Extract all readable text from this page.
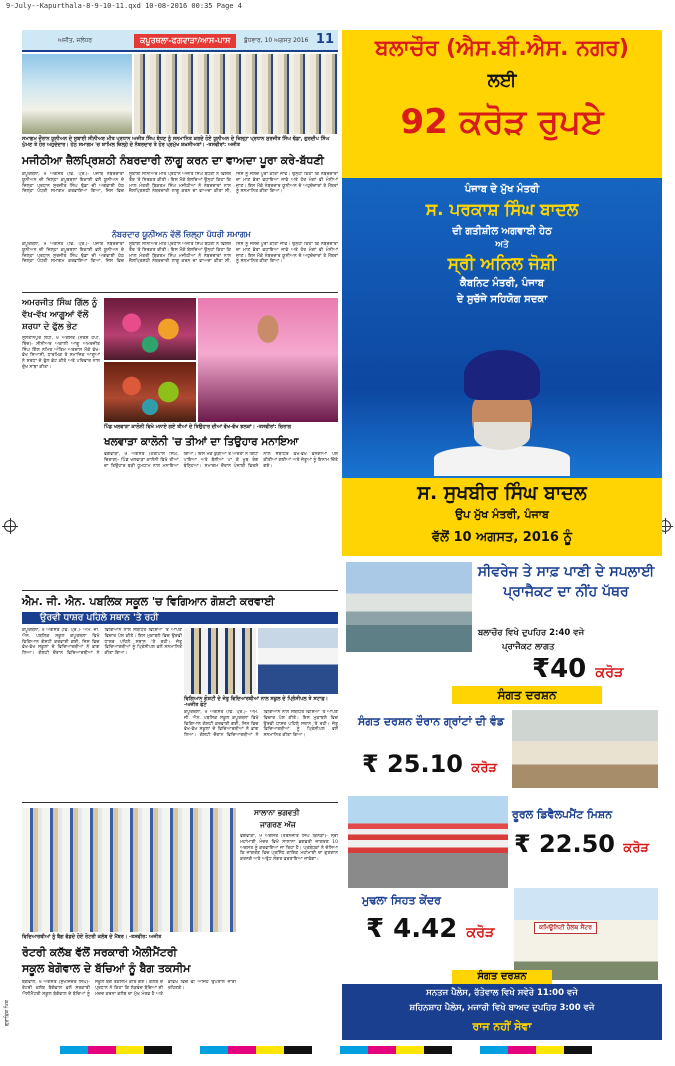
9-July--Kapurthala-8-9-10-11.qxd 10-08-2016 00:35 Page 4
ਗ੍ਰਾਫ਼ਿਕ ਪਿਕ
ਅਜੀਤ, ਜਲੰਧਰ	ਕਪੂਰਥਲਾ-ਫਗਵਾੜਾ/ਆਸ-ਪਾਸ	ਬੁੱਧਵਾਰ, 10 ਅਗਸਤ 2016 11
ਸਮਾਗਮ ਦੌਰਾਨ ਯੂਨੀਅਨ ਦੇ ਸੂਬਾਈ ਸੀਨੀਅਰ ਮੀਤ ਪ੍ਰਧਾਨ ਅਜੀਤ ਸਿੰਘ ਬੱਧਣ ਨੂੰ ਸਨਮਾਨਿਤ ਕਰਦੇ ਹੋਏ ਯੂਨੀਅਨ ਦੇ ਜ਼ਿਲ੍ਹਾ ਪ੍ਰਧਾਨ ਸੁਰਜੀਤ ਸਿੰਘ ਢੱਡਾ, ਗੁਰਦੀਪ ਸਿੰਘ ਘੁੰਮਣ ਤੇ ਹੋਰ ਅਹੁਦੇਦਾਰ। ਹੇਠ ਸਮਾਗਮ 'ਚ ਸ਼ਾਮਿਲ ਜ਼ਿਲ੍ਹੇ ਦੇ ਨੰਬਰਦਾਰ ਤੇ ਹੋਰ ਪ੍ਰਮੁੱਖ ਸ਼ਖ਼ਸੀਅਤਾਂ। -ਤਸਵੀਰਾਂ: ਅਜੀਤ
ਮਜੀਠੀਆ ਜ਼ੈਲਪ੍ਰਿਸ਼ਠੀ ਨੰਬਰਦਾਰੀ ਲਾਗੂ ਕਰਨ ਦਾ ਵਾਅਦਾ ਪੂਰਾ ਕਰੇ-ਬੱਧਣੀ
ਕਪੂਰਥਲਾ, 9 ਅਗਸਤ (ਵਿ. ਪ੍ਰ.)- ਪੰਜਾਬ ਨੰਬਰਦਾਰਾ ਯੂਨੀਅਨ ਦੀ ਜ਼ਿਲ੍ਹਾ ਕਪੂਰਥਲਾ ਇਕਾਈ ਵਲੋਂ ਯੂਨੀਅਨ ਦੇ ਜ਼ਿਲ੍ਹਾ ਪ੍ਰਧਾਨ ਸੁਰਜੀਤ ਸਿੰਘ ਢੱਡਾ ਦੀ ਅਗਵਾਈ ਹੇਠ ਜ਼ਿਲ੍ਹਾ ਪੱਧਰੀ ਸਮਾਗਮ ਕਰਵਾਇਆ ਗਿਆ, ਜਿਸ ਵਿਚ ਸੂਬਾਈ ਸੀਨੀਅਰ ਮੀਤ ਪ੍ਰਧਾਨ ਅਜੀਤ ਸਿੰਘ ਬੱਧਣੀ ਨੇ ਵਿਸ਼ੇਸ਼ ਤੌਰ 'ਤੇ ਸ਼ਿਰਕਤ ਕੀਤੀ। ਇਸ ਮੌਕੇ ਬੋਲਦਿਆਂ ਉਨ੍ਹਾਂ ਕਿਹਾ ਕਿ ਮਾਲ ਮੰਤਰੀ ਬਿਕਰਮ ਸਿੰਘ ਮਜੀਠੀਆ ਨੇ ਨੰਬਰਦਾਰਾਂ ਨਾਲ ਜ਼ੈਲਪ੍ਰਿਸ਼ਠੀ ਨੰਬਰਦਾਰੀ ਲਾਗੂ ਕਰਨ ਦਾ ਵਾਅਦਾ ਕੀਤਾ ਸੀ, ਜਿਸ ਨੂੰ ਜਲਦ ਪੂਰਾ ਕੀਤਾ ਜਾਵੇ। ਉਨ੍ਹਾਂ ਕਿਹਾ ਕਿ ਨੰਬਰਦਾਰਾਂ ਦਾ ਮਾਣ ਭੱਤਾ ਵਧਾਇਆ ਜਾਵੇ ਅਤੇ ਹੋਰ ਮੰਗਾਂ ਵੀ ਮੰਨੀਆਂ ਜਾਣ। ਇਸ ਮੌਕੇ ਨੰਬਰਦਾਰ ਯੂਨੀਅਨ ਦੇ ਅਹੁਦੇਦਾਰਾਂ ਤੇ ਮੈਂਬਰਾਂ ਨੂੰ ਸਨਮਾਨਿਤ ਕੀਤਾ ਗਿਆ।
ਨੰਬਰਦਾਰ ਯੂਨੀਅਨ ਵੱਲੋਂ ਜ਼ਿਲ੍ਹਾ ਪੱਧਰੀ ਸਮਾਗਮ
ਕਪੂਰਥਲਾ, 9 ਅਗਸਤ (ਵਿ. ਪ੍ਰ.)- ਪੰਜਾਬ ਨੰਬਰਦਾਰਾ ਯੂਨੀਅਨ ਦੀ ਜ਼ਿਲ੍ਹਾ ਕਪੂਰਥਲਾ ਇਕਾਈ ਵਲੋਂ ਯੂਨੀਅਨ ਦੇ ਜ਼ਿਲ੍ਹਾ ਪ੍ਰਧਾਨ ਸੁਰਜੀਤ ਸਿੰਘ ਢੱਡਾ ਦੀ ਅਗਵਾਈ ਹੇਠ ਜ਼ਿਲ੍ਹਾ ਪੱਧਰੀ ਸਮਾਗਮ ਕਰਵਾਇਆ ਗਿਆ, ਜਿਸ ਵਿਚ ਸੂਬਾਈ ਸੀਨੀਅਰ ਮੀਤ ਪ੍ਰਧਾਨ ਅਜੀਤ ਸਿੰਘ ਬੱਧਣੀ ਨੇ ਵਿਸ਼ੇਸ਼ ਤੌਰ 'ਤੇ ਸ਼ਿਰਕਤ ਕੀਤੀ। ਇਸ ਮੌਕੇ ਬੋਲਦਿਆਂ ਉਨ੍ਹਾਂ ਕਿਹਾ ਕਿ ਮਾਲ ਮੰਤਰੀ ਬਿਕਰਮ ਸਿੰਘ ਮਜੀਠੀਆ ਨੇ ਨੰਬਰਦਾਰਾਂ ਨਾਲ ਜ਼ੈਲਪ੍ਰਿਸ਼ਠੀ ਨੰਬਰਦਾਰੀ ਲਾਗੂ ਕਰਨ ਦਾ ਵਾਅਦਾ ਕੀਤਾ ਸੀ, ਜਿਸ ਨੂੰ ਜਲਦ ਪੂਰਾ ਕੀਤਾ ਜਾਵੇ। ਉਨ੍ਹਾਂ ਕਿਹਾ ਕਿ ਨੰਬਰਦਾਰਾਂ ਦਾ ਮਾਣ ਭੱਤਾ ਵਧਾਇਆ ਜਾਵੇ ਅਤੇ ਹੋਰ ਮੰਗਾਂ ਵੀ ਮੰਨੀਆਂ ਜਾਣ। ਇਸ ਮੌਕੇ ਨੰਬਰਦਾਰ ਯੂਨੀਅਨ ਦੇ ਅਹੁਦੇਦਾਰਾਂ ਤੇ ਮੈਂਬਰਾਂ ਨੂੰ ਸਨਮਾਨਿਤ ਕੀਤਾ ਗਿਆ।
ਅਮਰਜੀਤ ਸਿੰਘ ਗਿੱਲ ਨੂੰ
ਵੱਖ-ਵੱਖ ਆਗੂਆਂ ਵੱਲੋਂ
ਸ਼ਰਧਾ ਦੇ ਫੁੱਲ ਭੇਟ
ਸੁਲਤਾਨਪੁਰ ਲੋਧੀ, 9 ਅਗਸਤ (ਨਰੇਸ਼ ਹੈਪੀ, ਥਿੰਦ)- ਸੀਨੀਅਰ ਅਕਾਲੀ ਆਗੂ ਅਮਰਜੀਤ ਸਿੰਘ ਗਿੱਲ ਨਮਿਤ ਅੰਤਿਮ ਅਰਦਾਸ ਮੌਕੇ ਵੱਖ-ਵੱਖ ਸਿਆਸੀ, ਧਾਰਮਿਕ ਤੇ ਸਮਾਜਿਕ ਆਗੂਆਂ ਨੇ ਸ਼ਰਧਾ ਦੇ ਫੁੱਲ ਭੇਟ ਕੀਤੇ ਅਤੇ ਪਰਿਵਾਰ ਨਾਲ ਦੁੱਖ ਸਾਂਝਾ ਕੀਤਾ।
ਪਿੰਡ ਖਲਵਾੜਾ ਕਾਲੋਨੀ ਵਿਖੇ ਮਨਾਏ ਗਏ ਤੀਆਂ ਦੇ ਤਿਉਹਾਰ ਦੀਆਂ ਵੱਖ-ਵੱਖ ਝਲਕਾਂ। -ਤਸਵੀਰਾਂ: ਚਿਰਾਗ
ਖਲਵਾੜਾ ਕਾਲੋਨੀ 'ਚ ਤੀਆਂ ਦਾ ਤਿਉਹਾਰ ਮਨਾਇਆ
ਫਗਵਾੜਾ, 9 ਅਗਸਤ (ਹਰੀਪਾਲ ਸਿੰਘ, ਚਿਰਾਗ)- ਪਿੰਡ ਖਲਵਾੜਾ ਕਾਲੋਨੀ ਵਿਖੇ ਤੀਆਂ ਦਾ ਤਿਉਹਾਰ ਬੜੀ ਧੂਮਧਾਮ ਨਾਲ ਮਨਾਇਆ ਗਿਆ। ਇਸ ਮੌਕੇ ਕੁੜੀਆਂ ਤੇ ਔਰਤਾਂ ਨੇ ਗਿੱਧਾ ਪਾਇਆ ਅਤੇ ਬੋਲੀਆਂ ਪਾ ਕੇ ਖੂਬ ਰੰਗ ਬੰਨ੍ਹਿਆ। ਸਮਾਗਮ ਦੌਰਾਨ ਪੰਜਾਬੀ ਵਿਰਸੇ ਨਾਲ ਸਬੰਧਿਤ ਵੱਖ-ਵੱਖ ਵੰਨਗੀਆਂ ਪੇਸ਼ ਕੀਤੀਆਂ ਗਈਆਂ ਅਤੇ ਜੇਤੂਆਂ ਨੂੰ ਇਨਾਮ ਦਿੱਤੇ ਗਏ।
ਐਮ. ਜੀ. ਐਨ. ਪਬਲਿਕ ਸਕੂਲ 'ਚ ਵਿਗਿਆਨ ਗੋਸ਼ਟੀ ਕਰਵਾਈ
ਉਰਵੀ ਧਾਸ਼ਰ ਪਹਿਲੇ ਸਥਾਨ 'ਤੇ ਰਹੀ
ਕਪੂਰਥਲਾ, 9 ਅਗਸਤ (ਵਿ. ਪ੍ਰ.)- ਐਮ. ਜੀ. ਐਨ. ਪਬਲਿਕ ਸਕੂਲ ਕਪੂਰਥਲਾ ਵਿਖੇ ਵਿਗਿਆਨ ਗੋਸ਼ਟੀ ਕਰਵਾਈ ਗਈ, ਜਿਸ ਵਿਚ ਵੱਖ-ਵੱਖ ਸਕੂਲਾਂ ਦੇ ਵਿਦਿਆਰਥੀਆਂ ਨੇ ਭਾਗ ਲਿਆ। ਗੋਸ਼ਟੀ ਦੌਰਾਨ ਵਿਦਿਆਰਥੀਆਂ ਨੇ ਵਿਗਿਆਨ ਨਾਲ ਸਬੰਧਿਤ ਵਿਸ਼ਿਆਂ 'ਤੇ ਆਪਣੇ ਵਿਚਾਰ ਪੇਸ਼ ਕੀਤੇ। ਇਸ ਮੁਕਾਬਲੇ ਵਿਚ ਉਰਵੀ ਧਾਸ਼ਰ ਪਹਿਲੇ ਸਥਾਨ 'ਤੇ ਰਹੀ। ਜੇਤੂ ਵਿਦਿਆਰਥੀਆਂ ਨੂੰ ਪ੍ਰਿੰਸੀਪਲ ਵਲੋਂ ਸਨਮਾਨਿਤ ਕੀਤਾ ਗਿਆ।
ਵਿਗਿਆਨ ਗੋਸ਼ਟੀ ਦੇ ਜੇਤੂ ਵਿਦਿਆਰਥੀਆਂ ਨਾਲ ਸਕੂਲ ਦੇ ਪ੍ਰਿੰਸੀਪਲ ਤੇ ਸਟਾਫ਼। -ਅਜੀਤ ਫੋਟੋ
ਕਪੂਰਥਲਾ, 9 ਅਗਸਤ (ਵਿ. ਪ੍ਰ.)- ਐਮ. ਜੀ. ਐਨ. ਪਬਲਿਕ ਸਕੂਲ ਕਪੂਰਥਲਾ ਵਿਖੇ ਵਿਗਿਆਨ ਗੋਸ਼ਟੀ ਕਰਵਾਈ ਗਈ, ਜਿਸ ਵਿਚ ਵੱਖ-ਵੱਖ ਸਕੂਲਾਂ ਦੇ ਵਿਦਿਆਰਥੀਆਂ ਨੇ ਭਾਗ ਲਿਆ। ਗੋਸ਼ਟੀ ਦੌਰਾਨ ਵਿਦਿਆਰਥੀਆਂ ਨੇ ਵਿਗਿਆਨ ਨਾਲ ਸਬੰਧਿਤ ਵਿਸ਼ਿਆਂ 'ਤੇ ਆਪਣੇ ਵਿਚਾਰ ਪੇਸ਼ ਕੀਤੇ। ਇਸ ਮੁਕਾਬਲੇ ਵਿਚ ਉਰਵੀ ਧਾਸ਼ਰ ਪਹਿਲੇ ਸਥਾਨ 'ਤੇ ਰਹੀ। ਜੇਤੂ ਵਿਦਿਆਰਥੀਆਂ ਨੂੰ ਪ੍ਰਿੰਸੀਪਲ ਵਲੋਂ ਸਨਮਾਨਿਤ ਕੀਤਾ ਗਿਆ।
ਵਿਦਿਆਰਥੀਆਂ ਨੂੰ ਬੈਗ ਵੰਡਦੇ ਹੋਏ ਰੋਟਰੀ ਕਲੱਬ ਦੇ ਮੈਂਬਰ। -ਤਸਵੀਰ: ਅਜੀਤ
ਸਾਲਾਨਾ ਭਗਵਤੀ
ਜਾਗਰਣ ਅੱਜ
ਫਗਵਾੜਾ, 9 ਅਗਸਤ (ਤਰਨਜੀਤ ਸਿੰਘ ਕਿੰਨੜਾ)- ਸ੍ਰੀ ਮਹਾਂਮਾਈ ਮੰਦਰ ਵਿਖੇ ਸਾਲਾਨਾ ਭਗਵਤੀ ਜਾਗਰਣ 10 ਅਗਸਤ ਨੂੰ ਕਰਵਾਇਆ ਜਾ ਰਿਹਾ ਹੈ। ਪ੍ਰਬੰਧਕਾਂ ਨੇ ਦੱਸਿਆ ਕਿ ਜਾਗਰਣ ਵਿਚ ਪ੍ਰਸਿੱਧ ਗਾਇਕ ਮਹਾਂਮਾਈ ਦਾ ਗੁਣਗਾਨ ਕਰਨਗੇ ਅਤੇ ਅਤੁੱਟ ਲੰਗਰ ਵਰਤਾਇਆ ਜਾਵੇਗਾ।
ਰੋਟਰੀ ਕਲੱਬ ਵੱਲੋਂ ਸਰਕਾਰੀ ਐਲੀਮੈਂਟਰੀ
ਸਕੂਲ ਬੇਗੋਵਾਲ ਦੇ ਬੱਚਿਆਂ ਨੂੰ ਬੈਗ ਤਕਸੀਮ
ਬੇਗੋਵਾਲ, 9 ਅਗਸਤ (ਸੁਖਜਿੰਦਰ ਸਿੰਘ)- ਰੋਟਰੀ ਕਲੱਬ ਬੇਗੋਵਾਲ ਵਲੋਂ ਸਰਕਾਰੀ ਐਲੀਮੈਂਟਰੀ ਸਕੂਲ ਬੇਗੋਵਾਲ ਦੇ ਬੱਚਿਆਂ ਨੂੰ ਸਕੂਲ ਬੈਗ ਤਕਸੀਮ ਕੀਤੇ ਗਏ। ਕਲੱਬ ਦੇ ਪ੍ਰਧਾਨ ਨੇ ਕਿਹਾ ਕਿ ਲੋੜਵੰਦ ਬੱਚਿਆਂ ਦੀ ਮਦਦ ਕਰਨਾ ਕਲੱਬ ਦਾ ਮੁੱਖ ਮੰਤਵ ਹੈ ਅਤੇ ਭਵਿੱਖ ਵਿਚ ਵੀ ਅਜਿਹੇ ਉਪਰਾਲੇ ਜਾਰੀ ਰਹਿਣਗੇ।
ਬਲਾਚੌਰ (ਐਸ.ਬੀ.ਐਸ. ਨਗਰ)
ਲਈ
92 ਕਰੋੜ ਰੁਪਏ
ਪੰਜਾਬ ਦੇ ਮੁੱਖ ਮੰਤਰੀ
ਸ. ਪਰਕਾਸ਼ ਸਿੰਘ ਬਾਦਲ
ਦੀ ਗਤੀਸ਼ੀਲ ਅਗਵਾਈ ਹੇਠ
ਅਤੇ
ਸ੍ਰੀ ਅਨਿਲ ਜੋਸ਼ੀ
ਕੈਬਨਿਟ ਮੰਤਰੀ, ਪੰਜਾਬ
ਦੇ ਸੁਚੱਜੇ ਸਹਿਯੋਗ ਸਦਕਾ
ਸ. ਸੁਖਬੀਰ ਸਿੰਘ ਬਾਦਲ
ਉਪ ਮੁੱਖ ਮੰਤਰੀ, ਪੰਜਾਬ
ਵੱਲੋਂ 10 ਅਗਸਤ, 2016 ਨੂੰ
ਸੀਵਰੇਜ ਤੇ ਸਾਫ਼ ਪਾਣੀ ਦੇ ਸਪਲਾਈ ਪ੍ਰਾਜੈਕਟ ਦਾ ਨੀਂਹ ਪੱਥਰ
ਬਲਾਚੌਰ ਵਿਖੇ ਦੁਪਹਿਰ 2:40 ਵਜੇ
ਪ੍ਰਾਜੈਕਟ ਲਾਗਤ
₹40 ਕਰੋੜ
ਸੰਗਤ ਦਰਸ਼ਨ
ਸੰਗਤ ਦਰਸ਼ਨ ਦੌਰਾਨ ਗ੍ਰਾਂਟਾਂ ਦੀ ਵੰਡ
₹ 25.10 ਕਰੋੜ
ਰੂਰਲ ਡਿਵੈਲਪਮੈਂਟ ਮਿਸ਼ਨ
₹ 22.50 ਕਰੋੜ
ਮੁਢਲਾ ਸਿਹਤ ਕੇਂਦਰ
₹ 4.42 ਕਰੋੜ	ਕਮਿਊਨਿਟੀ ਹੈਲਥ ਸੈਂਟਰ
ਸੰਗਤ ਦਰਸ਼ਨ
ਸਨਤਜ ਪੈਲੇਸ, ਰੱਤੇਵਾਲ ਵਿਖੇ ਸਵੇਰੇ 11:00 ਵਜੇ
ਸ਼ਹਿਨਸ਼ਾਹ ਪੈਲੇਸ, ਮਜਾਰੀ ਵਿਖੇ ਬਾਅਦ ਦੁਪਹਿਰ 3:00 ਵਜੇ
ਰਾਜ ਨਹੀਂ ਸੇਵਾ
